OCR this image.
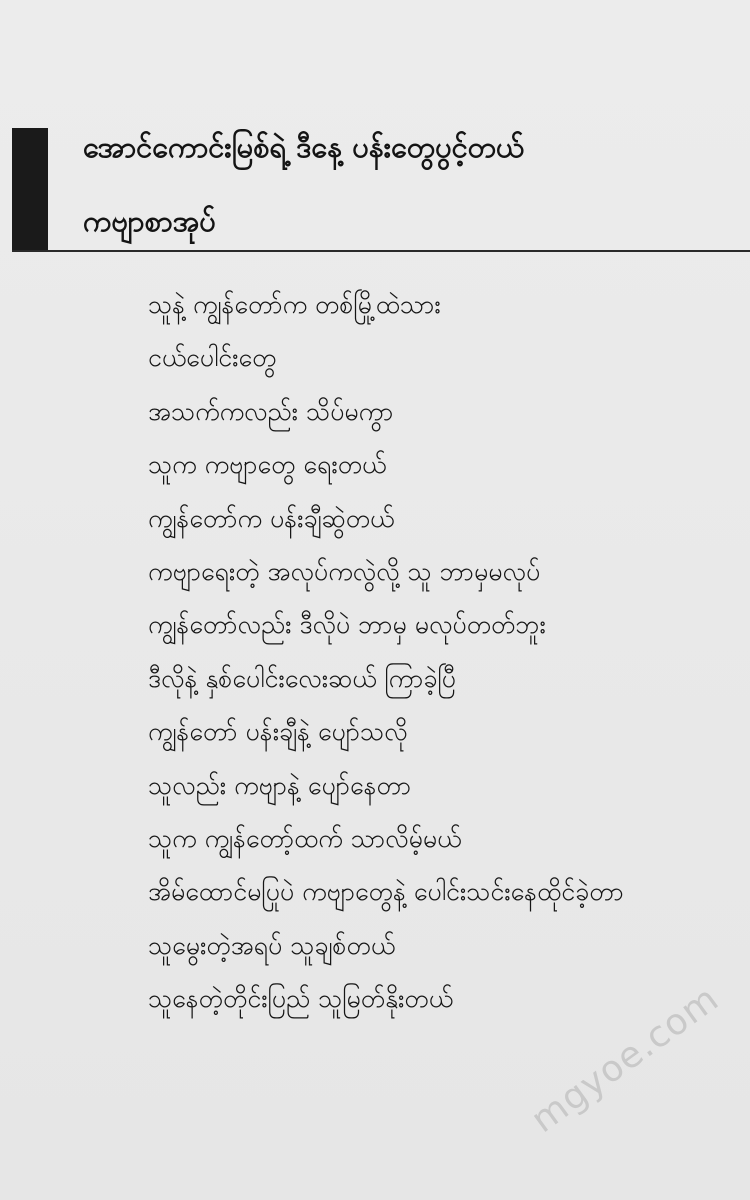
အောင်ကောင်းမြစ်ရဲ့ ဒီနေ့ ပန်းတွေပွင့်တယ်
ကဗျာစာအုပ်
သူနဲ့ ကျွန်တော်က တစ်မြို့ထဲသား
ငယ်ပေါင်းတွေ
အသက်ကလည်း သိပ်မကွာ
သူက ကဗျာတွေ ရေးတယ်
ကျွန်တော်က ပန်းချီဆွဲတယ်
ကဗျာရေးတဲ့ အလုပ်ကလွဲလို့ သူ ဘာမှမလုပ်
ကျွန်တော်လည်း ဒီလိုပဲ ဘာမှ မလုပ်တတ်ဘူး
ဒီလိုနဲ့ နှစ်ပေါင်းလေးဆယ် ကြာခဲ့ပြီ
ကျွန်တော် ပန်းချီနဲ့ ပျော်သလို
သူလည်း ကဗျာနဲ့ ပျော်နေတာ
သူက ကျွန်တော့်ထက် သာလိမ့်မယ်
အိမ်ထောင်မပြုပဲ ကဗျာတွေနဲ့ ပေါင်းသင်းနေထိုင်ခဲ့တာ
သူမွေးတဲ့အရပ် သူချစ်တယ်
သူနေတဲ့တိုင်းပြည် သူမြတ်နိုးတယ်	mgyoe.com
